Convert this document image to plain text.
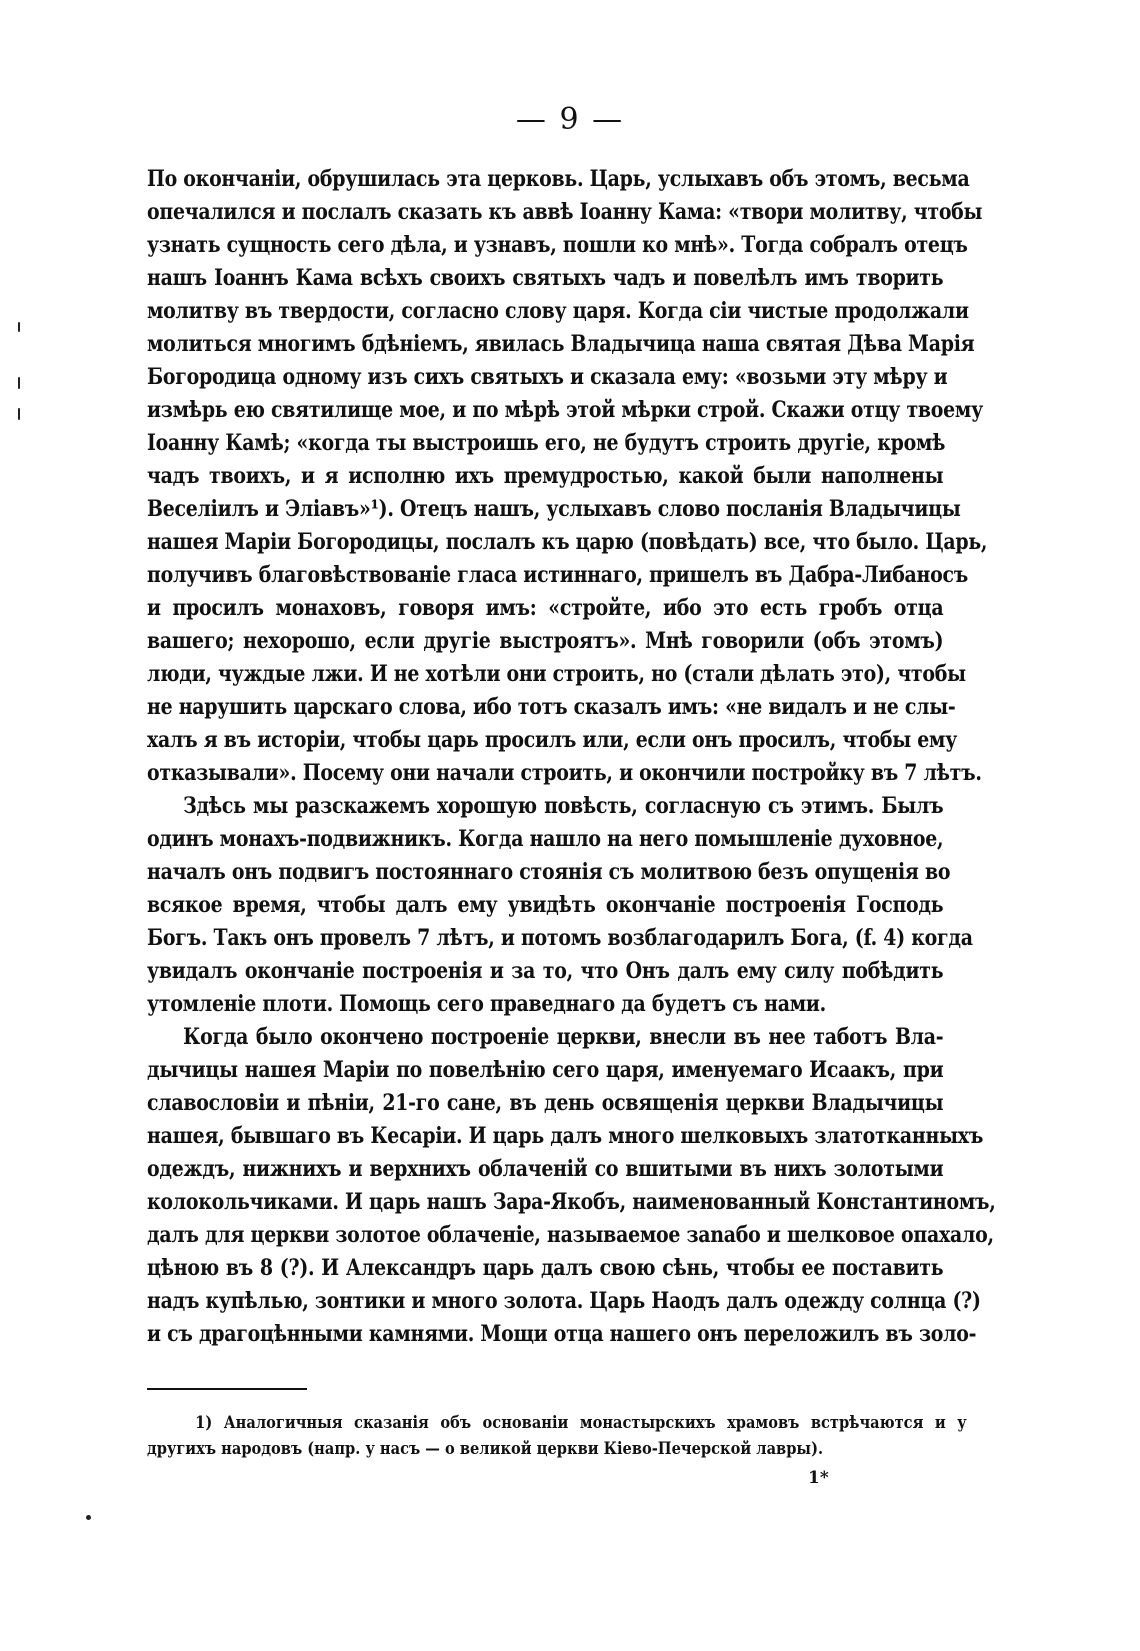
— 9 —
По окончаніи, обрушилась эта церковь. Царь, услыхавъ объ этомъ, весьма
опечалился и послалъ сказать къ аввѣ Іоанну Кама: «твори молитву, чтобы
узнать сущность сего дѣла, и узнавъ, пошли ко мнѣ». Тогда собралъ отецъ
нашъ Іоаннъ Кама всѣхъ своихъ святыхъ чадъ и повелѣлъ имъ творить
молитву въ твердости, согласно слову царя. Когда сіи чистые продолжали
молиться многимъ бдѣніемъ, явилась Владычица наша святая Дѣва Марія
Богородица одному изъ сихъ святыхъ и сказала ему: «возьми эту мѣру и
измѣрь ею святилище мое, и по мѣрѣ этой мѣрки строй. Скажи отцу твоему
Іоанну Камѣ; «когда ты выстроишь его, не будутъ строить другіе, кромѣ
чадъ твоихъ, и я исполню ихъ премудростью, какой были наполнены
Веселіилъ и Эліавъ»¹). Отецъ нашъ, услыхавъ слово посланія Владычицы
нашея Маріи Богородицы, послалъ къ царю (повѣдать) все, что было. Царь,
получивъ благовѣствованіе гласа истиннаго, пришелъ въ Дабра-Либаносъ
и просилъ монаховъ, говоря имъ: «стройте, ибо это есть гробъ отца
вашего; нехорошо, если другіе выстроятъ». Мнѣ говорили (объ этомъ)
люди, чуждые лжи. И не хотѣли они строить, но (стали дѣлать это), чтобы
не нарушить царскаго слова, ибо тотъ сказалъ имъ: «не видалъ и не слы-
халъ я въ исторіи, чтобы царь просилъ или, если онъ просилъ, чтобы ему
отказывали». Посему они начали строить, и окончили постройку въ 7 лѣтъ.
Здѣсь мы разскажемъ хорошую повѣсть, согласную съ этимъ. Былъ
одинъ монахъ-подвижникъ. Когда нашло на него помышленіе духовное,
началъ онъ подвигъ постояннаго стоянія съ молитвою безъ опущенія во
всякое время, чтобы далъ ему увидѣть окончаніе построенія Господь
Богъ. Такъ онъ провелъ 7 лѣтъ, и потомъ возблагодарилъ Бога, (f. 4) когда
увидалъ окончаніе построенія и за то, что Онъ далъ ему силу побѣдить
утомленіе плоти. Помощь сего праведнаго да будетъ съ нами.
Когда было окончено построеніе церкви, внесли въ нее таботъ Вла-
дычицы нашея Маріи по повелѣнію сего царя, именуемаго Исаакъ, при
славословіи и пѣніи, 21-го сане, въ день освященія церкви Владычицы
нашея, бывшаго въ Кесаріи. И царь далъ много шелковыхъ златотканныхъ
одеждъ, нижнихъ и верхнихъ облаченій со вшитыми въ нихъ золотыми
колокольчиками. И царь нашъ Зара-Якобъ, наименованный Константиномъ,
далъ для церкви золотое облаченіе, называемое заnaбo и шелковое опахало,
цѣною въ 8 (?). И Александръ царь далъ свою сѣнь, чтобы ее поставить
надъ купѣлью, зонтики и много золота. Царь Наодъ далъ одежду солнца (?)
и съ драгоцѣнными камнями. Мощи отца нашего онъ переложилъ въ золо-
1) Аналогичныя сказанія объ основаніи монастырскихъ храмовъ встрѣчаются и у
другихъ народовъ (напр. у насъ — о великой церкви Кіево-Печерской лавры).
1*
